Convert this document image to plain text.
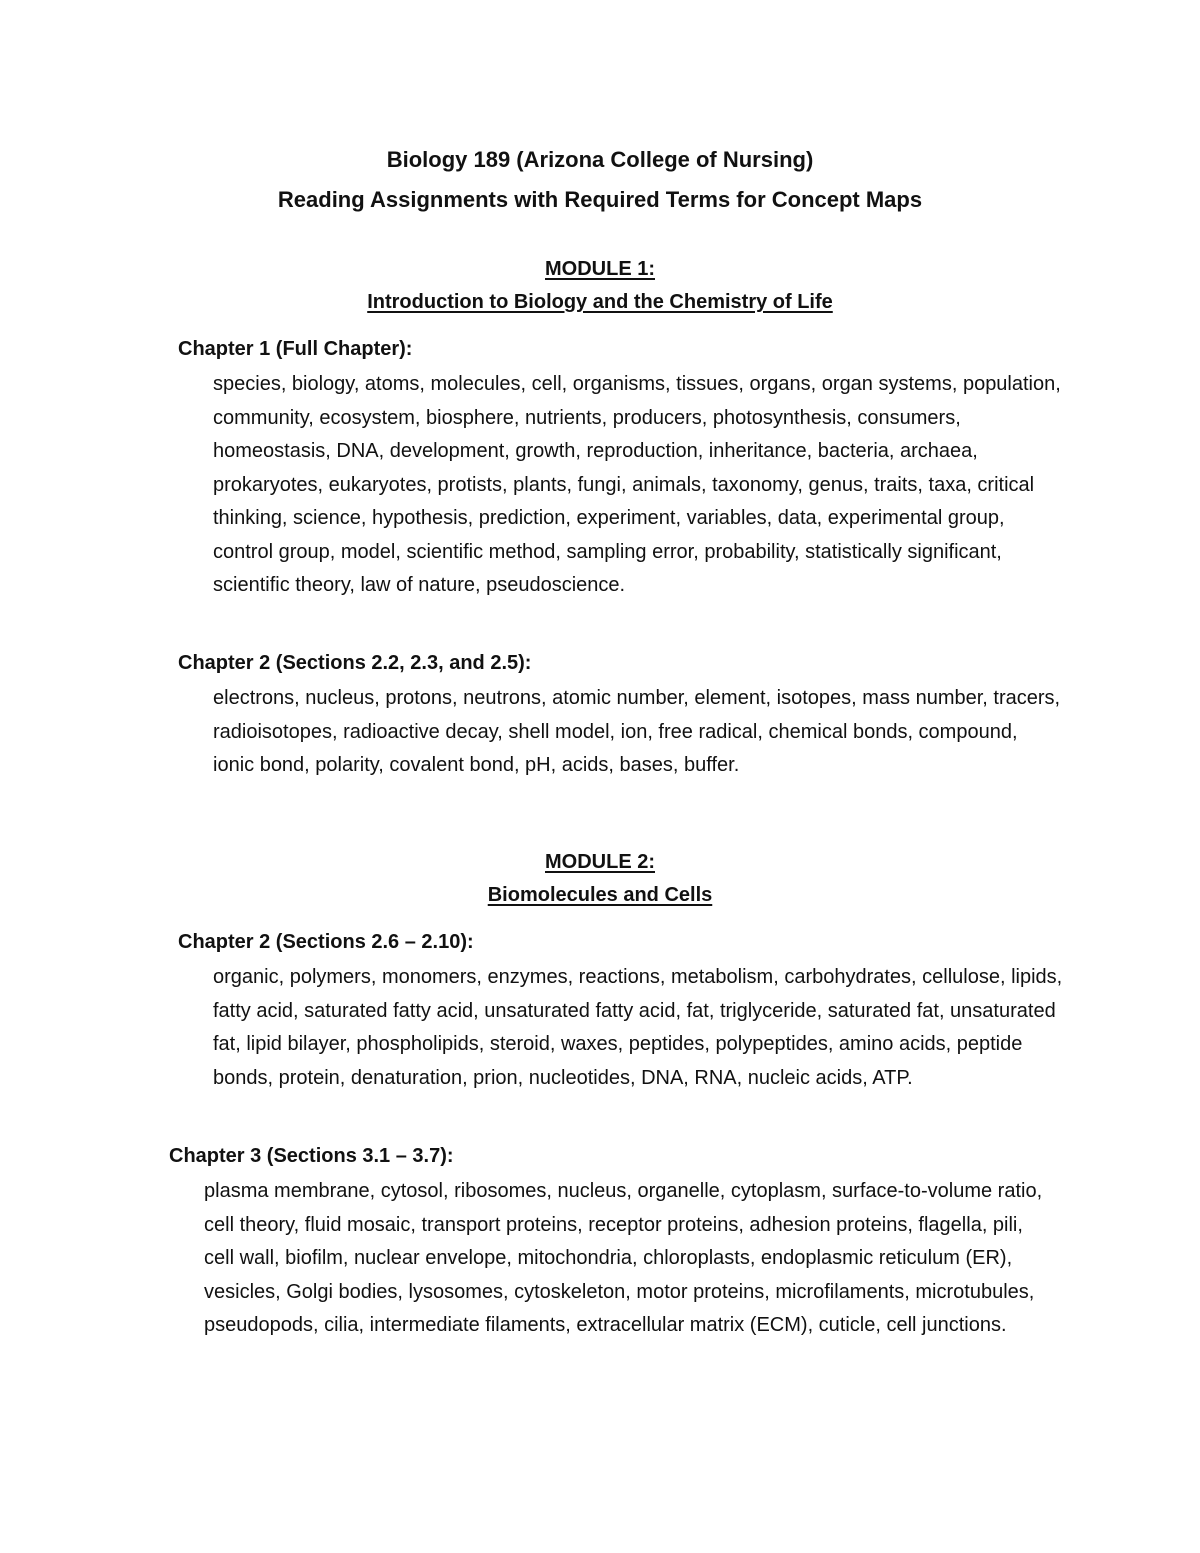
Biology 189 (Arizona College of Nursing)
Reading Assignments with Required Terms for Concept Maps
MODULE 1:
Introduction to Biology and the Chemistry of Life

Chapter 1 (Full Chapter):

species, biology, atoms, molecules, cell, organisms, tissues, organs, organ systems, population, community, ecosystem, biosphere, nutrients, producers, photosynthesis, consumers, homeostasis, DNA, development, growth, reproduction, inheritance, bacteria, archaea, prokaryotes, eukaryotes, protists, plants, fungi, animals, taxonomy, genus, traits, taxa, critical thinking, science, hypothesis, prediction, experiment, variables, data, experimental group, control group, model, scientific method, sampling error, probability, statistically significant, scientific theory, law of nature, pseudoscience.

Chapter 2 (Sections 2.2, 2.3, and 2.5):

electrons, nucleus, protons, neutrons, atomic number, element, isotopes, mass number, tracers, radioisotopes, radioactive decay, shell model, ion, free radical, chemical bonds, compound, ionic bond, polarity, covalent bond, pH, acids, bases, buffer.
MODULE 2:
Biomolecules and Cells

Chapter 2 (Sections 2.6 – 2.10):

organic, polymers, monomers, enzymes, reactions, metabolism, carbohydrates, cellulose, lipids, fatty acid, saturated fatty acid, unsaturated fatty acid, fat, triglyceride, saturated fat, unsaturated fat, lipid bilayer, phospholipids, steroid, waxes, peptides, polypeptides, amino acids, peptide bonds, protein, denaturation, prion, nucleotides, DNA, RNA, nucleic acids, ATP.

Chapter 3 (Sections 3.1 – 3.7):

plasma membrane, cytosol, ribosomes, nucleus, organelle, cytoplasm, surface-to-volume ratio, cell theory, fluid mosaic, transport proteins, receptor proteins, adhesion proteins, flagella, pili, cell wall, biofilm, nuclear envelope, mitochondria, chloroplasts, endoplasmic reticulum (ER), vesicles, Golgi bodies, lysosomes, cytoskeleton, motor proteins, microfilaments, microtubules, pseudopods, cilia, intermediate filaments, extracellular matrix (ECM), cuticle, cell junctions.
